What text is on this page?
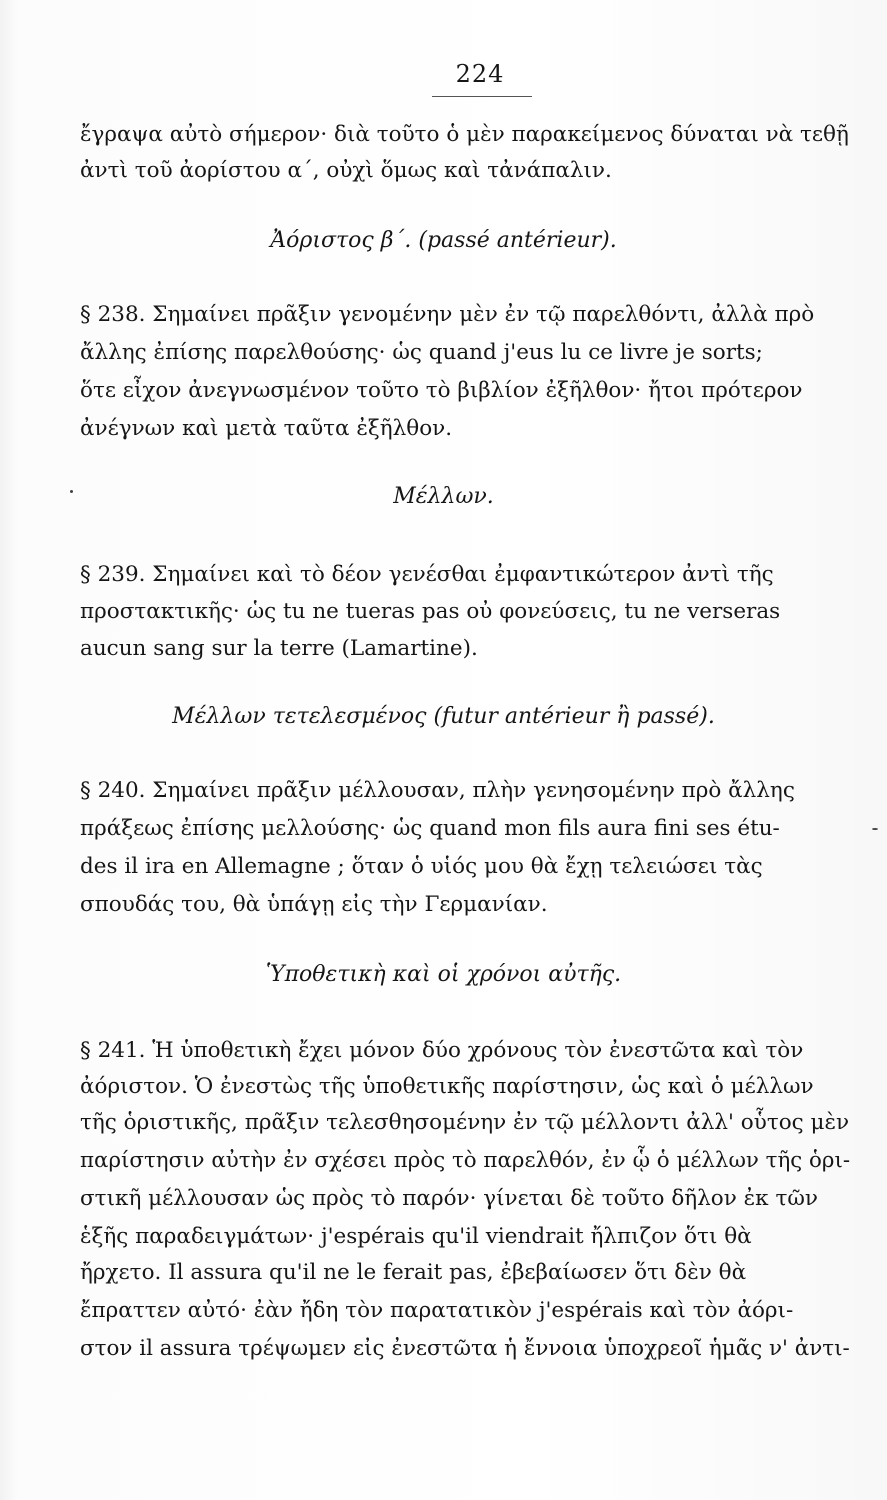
224
ἔγραψα αὐτὸ σήμερον· διὰ τοῦτο ὁ μὲν παρακείμενος δύναται νὰ τεθῇ
ἀντὶ τοῦ ἀορίστου α΄, οὐχὶ ὅμως καὶ τἀνάπαλιν.
Ἀόριστος β΄. (passé antérieur).
§ 238. Σημαίνει πρᾶξιν γενομένην μὲν ἐν τῷ παρελθόντι, ἀλλὰ πρὸ
ἄλλης ἐπίσης παρελθούσης· ὡς quand j'eus lu ce livre je sorts;
ὅτε εἶχον ἀνεγνωσμένον τοῦτο τὸ βιβλίον ἐξῆλθον· ἤτοι πρότερον
ἀνέγνων καὶ μετὰ ταῦτα ἐξῆλθον.
Μέλλων.
§ 239. Σημαίνει καὶ τὸ δέον γενέσθαι ἐμφαντικώτερον ἀντὶ τῆς
προστακτικῆς· ὡς tu ne tueras pas οὐ φονεύσεις, tu ne verseras
aucun sang sur la terre (Lamartine).
Μέλλων τετελεσμένος (futur antérieur ἢ passé).
§ 240. Σημαίνει πρᾶξιν μέλλουσαν, πλὴν γενησομένην πρὸ ἄλλης
πράξεως ἐπίσης μελλούσης· ὡς quand mon fils aura fini ses étu-
des il ira en Allemagne ; ὅταν ὁ υἱός μου θὰ ἔχῃ τελειώσει τὰς
σπουδάς του, θὰ ὑπάγῃ εἰς τὴν Γερμανίαν.
Ὑποθετικὴ καὶ οἱ χρόνοι αὐτῆς.
§ 241. Ἡ ὑποθετικὴ ἔχει μόνον δύο χρόνους τὸν ἐνεστῶτα καὶ τὸν
ἀόριστον. Ὁ ἐνεστὼς τῆς ὑποθετικῆς παρίστησιν, ὡς καὶ ὁ μέλλων
τῆς ὁριστικῆς, πρᾶξιν τελεσθησομένην ἐν τῷ μέλλοντι ἀλλ' οὗτος μὲν
παρίστησιν αὐτὴν ἐν σχέσει πρὸς τὸ παρελθόν, ἐν ᾧ ὁ μέλλων τῆς ὁρι-
στικῆ μέλλουσαν ὡς πρὸς τὸ παρόν· γίνεται δὲ τοῦτο δῆλον ἐκ τῶν
ἑξῆς παραδειγμάτων· j'espérais qu'il viendrait ἤλπιζον ὅτι θὰ
ἤρχετο. Il assura qu'il ne le ferait pas, ἐβεβαίωσεν ὅτι δὲν θὰ
ἔπραττεν αὐτό· ἐὰν ἤδη τὸν παρατατικὸν j'espérais καὶ τὸν ἀόρι-
στον il assura τρέψωμεν εἰς ἐνεστῶτα ἡ ἔννοια ὑποχρεοῖ ἡμᾶς ν' ἀντι-
